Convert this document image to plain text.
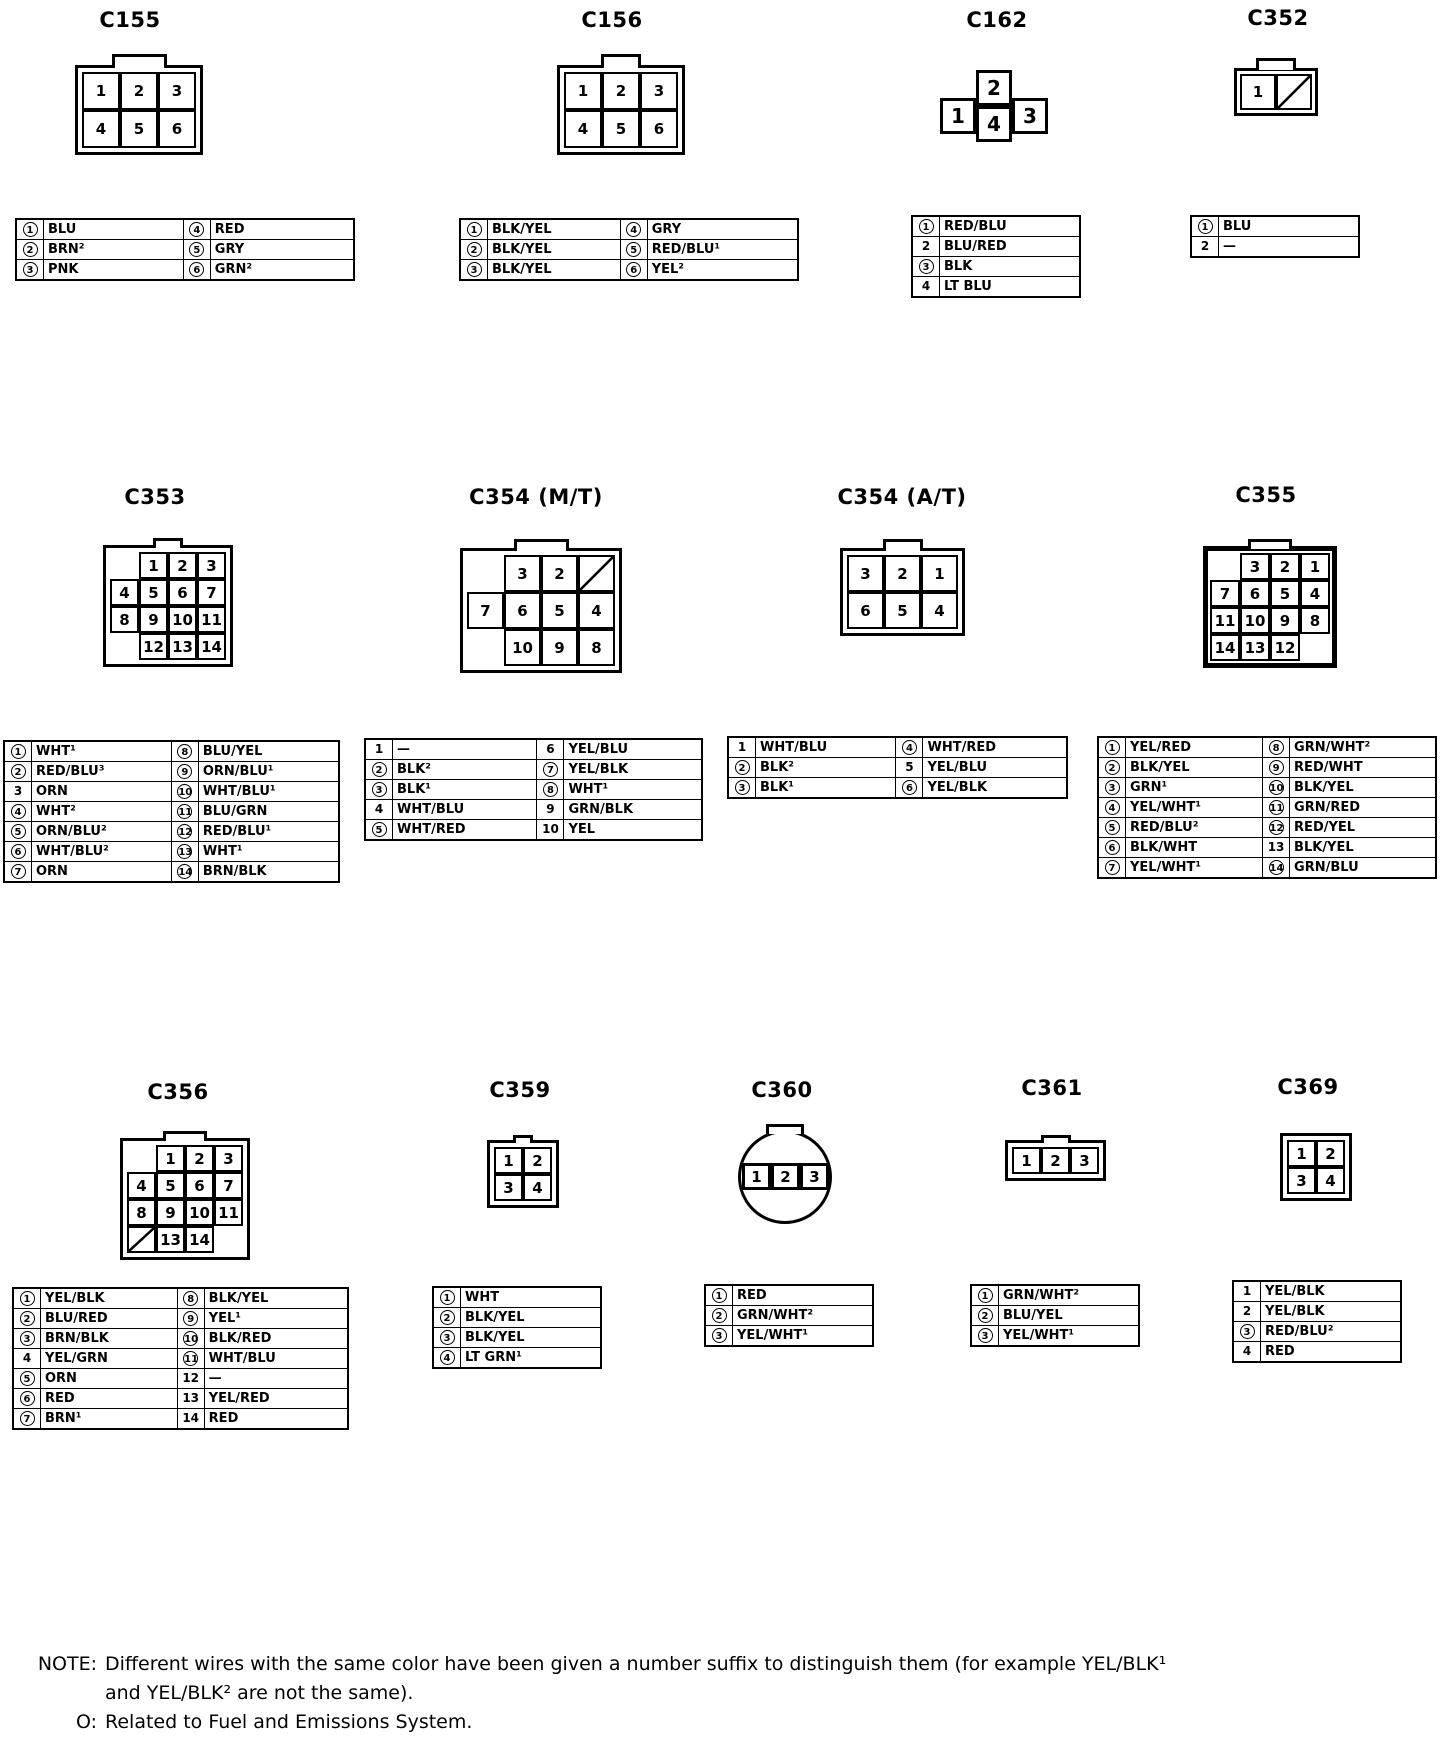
C155
1	2	3
4	5	6
1	BLU	4	RED
2	BRN²	5	GRY
3	PNK	6	GRN²
C156
1	2	3
4	5	6
1	BLK/YEL	4	GRY
2	BLK/YEL	5	RED/BLU¹
3	BLK/YEL	6	YEL²
C162
1
2
3
4
1	RED/BLU
2	BLU/RED
3	BLK
4	LT BLU
C352
1
1	BLU
2	—
C353
1	2	3
4	5	6	7
8	9 10 11
12 13 14
1	WHT¹	8	BLU/YEL
2	RED/BLU³	9	ORN/BLU¹
3	ORN	10	WHT/BLU¹
4	WHT²	11	BLU/GRN
5	ORN/BLU²	12	RED/BLU¹
6	WHT/BLU²	13	WHT¹
7	ORN	14	BRN/BLK
C354 (M/T)
3	2
7	6	5	4
10	9	8
1	—	6	YEL/BLU
2	BLK²	7	YEL/BLK
3	BLK¹	8	WHT¹
4	WHT/BLU	9	GRN/BLK
5	WHT/RED	10	YEL
C354 (A/T)
3	2	1
6	5	4
1	WHT/BLU	4	WHT/RED
2	BLK²	5	YEL/BLU
3	BLK¹	6	YEL/BLK
C355
3	2	1
7	6	5	4
11 10 9	8
14 13 12
1	YEL/RED	8	GRN/WHT²
2	BLK/YEL	9	RED/WHT
3	GRN¹	10	BLK/YEL
4	YEL/WHT¹	11	GRN/RED
5	RED/BLU²	12	RED/YEL
6	BLK/WHT	13	BLK/YEL
7	YEL/WHT¹	14	GRN/BLU
C356
1	2	3
4	5	6	7
8	9 10 11
13 14
1	YEL/BLK	8	BLK/YEL
2	BLU/RED	9	YEL¹
3	BRN/BLK	10	BLK/RED
4	YEL/GRN	11	WHT/BLU
5	ORN	12	—
6	RED	13	YEL/RED
7	BRN¹	14	RED
C359
1	2
3	4
1	WHT
2	BLK/YEL
3	BLK/YEL
4	LT GRN¹
C360
1	2	3
1	RED
2	GRN/WHT²
3	YEL/WHT¹
C361
1	2	3
1	GRN/WHT²
2	BLU/YEL
3	YEL/WHT¹
C369
1	2
3	4
1	YEL/BLK
2	YEL/BLK
3	RED/BLU²
4	RED
NOTE: Different wires with the same color have been given a number suffix to distinguish them (for example YEL/BLK¹
and YEL/BLK² are not the same).
O: Related to Fuel and Emissions System.
